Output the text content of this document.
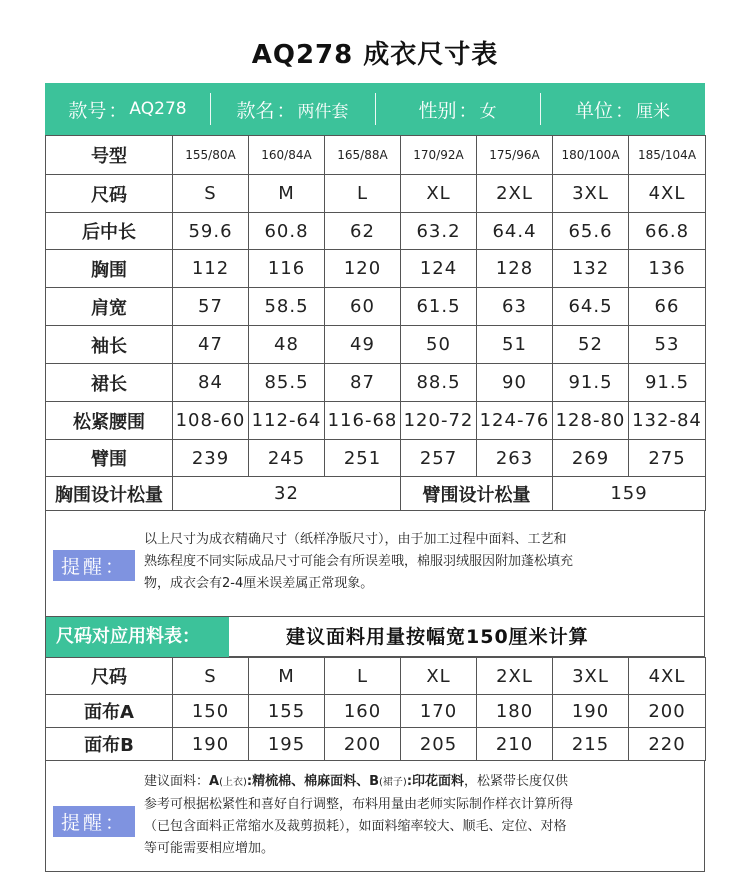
AQ278 成衣尺寸表
款号 ： AQ278	款名 ： 两件套	性别 ： 女	单位 ： 厘米
号型	155/80A	160/84A	165/88A	170/92A	175/96A	180/100A	185/104A
尺码	S	M	L	XL	2XL	3XL	4XL
后中长	59.6	60.8	62	63.2	64.4	65.6	66.8
胸围	112	116	120	124	128	132	136
肩宽	57	58.5	60	61.5	63	64.5	66
袖长	47	48	49	50	51	52	53
裙长	84	85.5	87	88.5	90	91.5	91.5
松紧腰围	108-60	112-64	116-68	120-72	124-76	128-80	132-84
臂围	239	245	251	257	263	269	275
胸围设计松量	32			臂围设计松量		159	
提醒：
以上尺寸为成衣精确尺寸（纸样净版尺寸），由于加工过程中面料、工艺和
熟练程度不同实际成品尺寸可能会有所误差哦，棉服羽绒服因附加蓬松填充
物，成衣会有2-4厘米误差属正常现象。
尺码对应用料表：	建议面料用量按幅宽150厘米计算
尺码	S	M	L	XL	2XL	3XL	4XL
面布A	150	155	160	170	180	190	200
面布B	190	195	200	205	210	215	220
提醒：
建议面料：A(上衣):精梳棉、棉麻面料、B(裙子):印花面料，松紧带长度仅供
参考可根据松紧性和喜好自行调整，布料用量由老师实际制作样衣计算所得
（已包含面料正常缩水及裁剪损耗），如面料缩率较大、顺毛、定位、对格
等可能需要相应增加。
